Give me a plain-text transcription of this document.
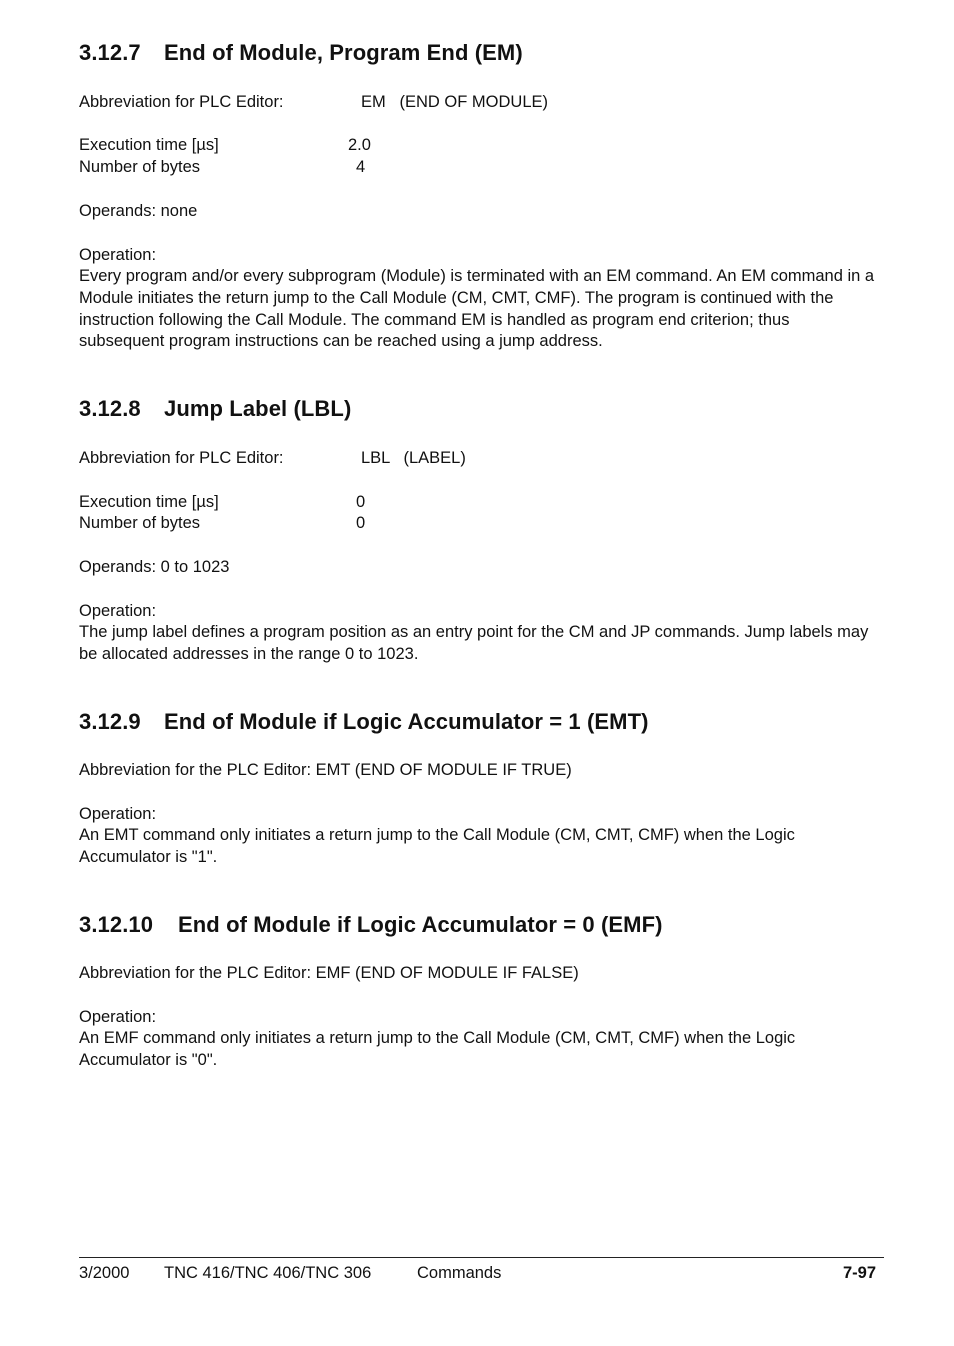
3.12.7 End of Module, Program End (EM)
Abbreviation for PLC Editor:	EM   (END OF MODULE)
Execution time [µs]	2.0
Number of bytes	4
Operands: none
Operation:
Every program and/or every subprogram (Module) is terminated with an EM command. An EM command in a Module initiates the return jump to the Call Module (CM, CMT, CMF). The program is continued with the instruction following the Call Module. The command EM is handled as program end criterion; thus subsequent program instructions can be reached using a jump address.
3.12.8 Jump Label (LBL)
Abbreviation for PLC Editor:	LBL   (LABEL)
Execution time [µs]	0
Number of bytes	0
Operands: 0 to 1023
Operation:
The jump label defines a program position as an entry point for the CM and JP commands. Jump labels may be allocated addresses in the range 0 to 1023.
3.12.9 End of Module if Logic Accumulator = 1 (EMT)
Abbreviation for the PLC Editor: EMT (END OF MODULE IF TRUE)
Operation:
An EMT command only initiates a return jump to the Call Module (CM, CMT, CMF) when the Logic Accumulator is "1".
3.12.10 End of Module if Logic Accumulator = 0 (EMF)
Abbreviation for the PLC Editor: EMF (END OF MODULE IF FALSE)
Operation:
An EMF command only initiates a return jump to the Call Module (CM, CMT, CMF) when the Logic Accumulator is "0".
3/2000 TNC 416/TNC 406/TNC 306	Commands	7-97
